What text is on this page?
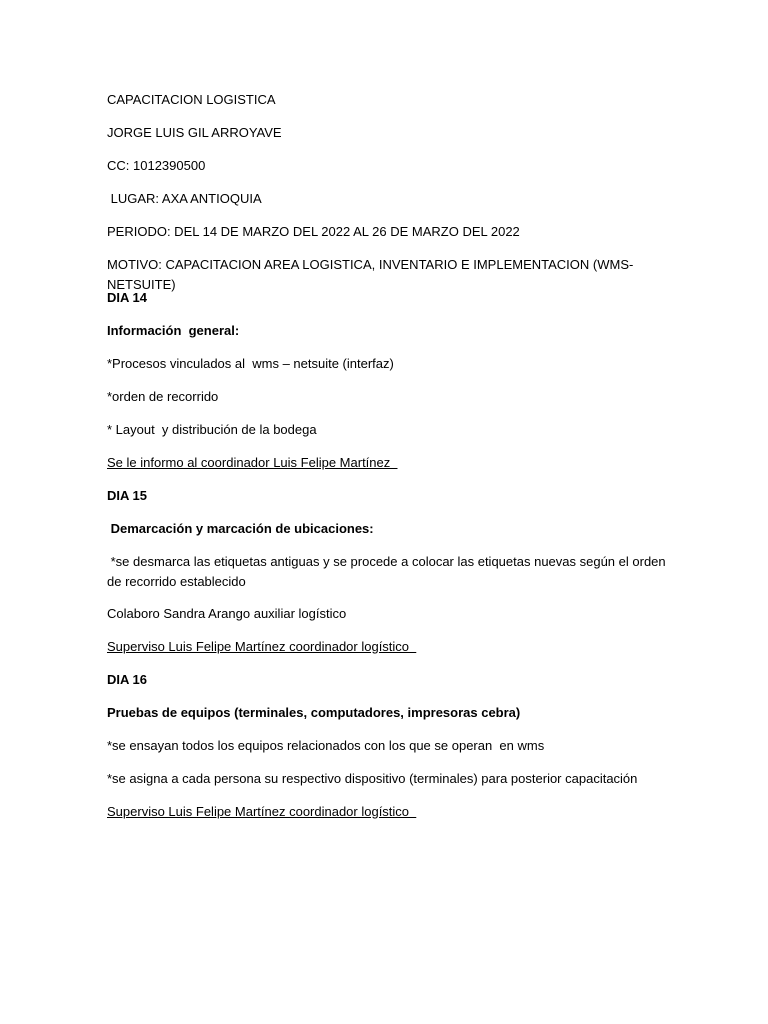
CAPACITACION LOGISTICA

JORGE LUIS GIL ARROYAVE

CC: 1012390500

LUGAR: AXA ANTIOQUIA

PERIODO: DEL 14 DE MARZO DEL 2022 AL 26 DE MARZO DEL 2022

MOTIVO: CAPACITACION AREA LOGISTICA, INVENTARIO E IMPLEMENTACION (WMS- NETSUITE)

DIA 14

Información  general:

*Procesos vinculados al  wms – netsuite (interfaz)

*orden de recorrido

* Layout  y distribución de la bodega

Se le informo al coordinador Luis Felipe Martínez

DIA 15

Demarcación y marcación de ubicaciones:

*se desmarca las etiquetas antiguas y se procede a colocar las etiquetas nuevas según el orden de recorrido establecido

Colaboro Sandra Arango auxiliar logístico

Superviso Luis Felipe Martínez coordinador logístico

DIA 16

Pruebas de equipos (terminales, computadores, impresoras cebra)

*se ensayan todos los equipos relacionados con los que se operan  en wms

*se asigna a cada persona su respectivo dispositivo (terminales) para posterior capacitación

Superviso Luis Felipe Martínez coordinador logístico
